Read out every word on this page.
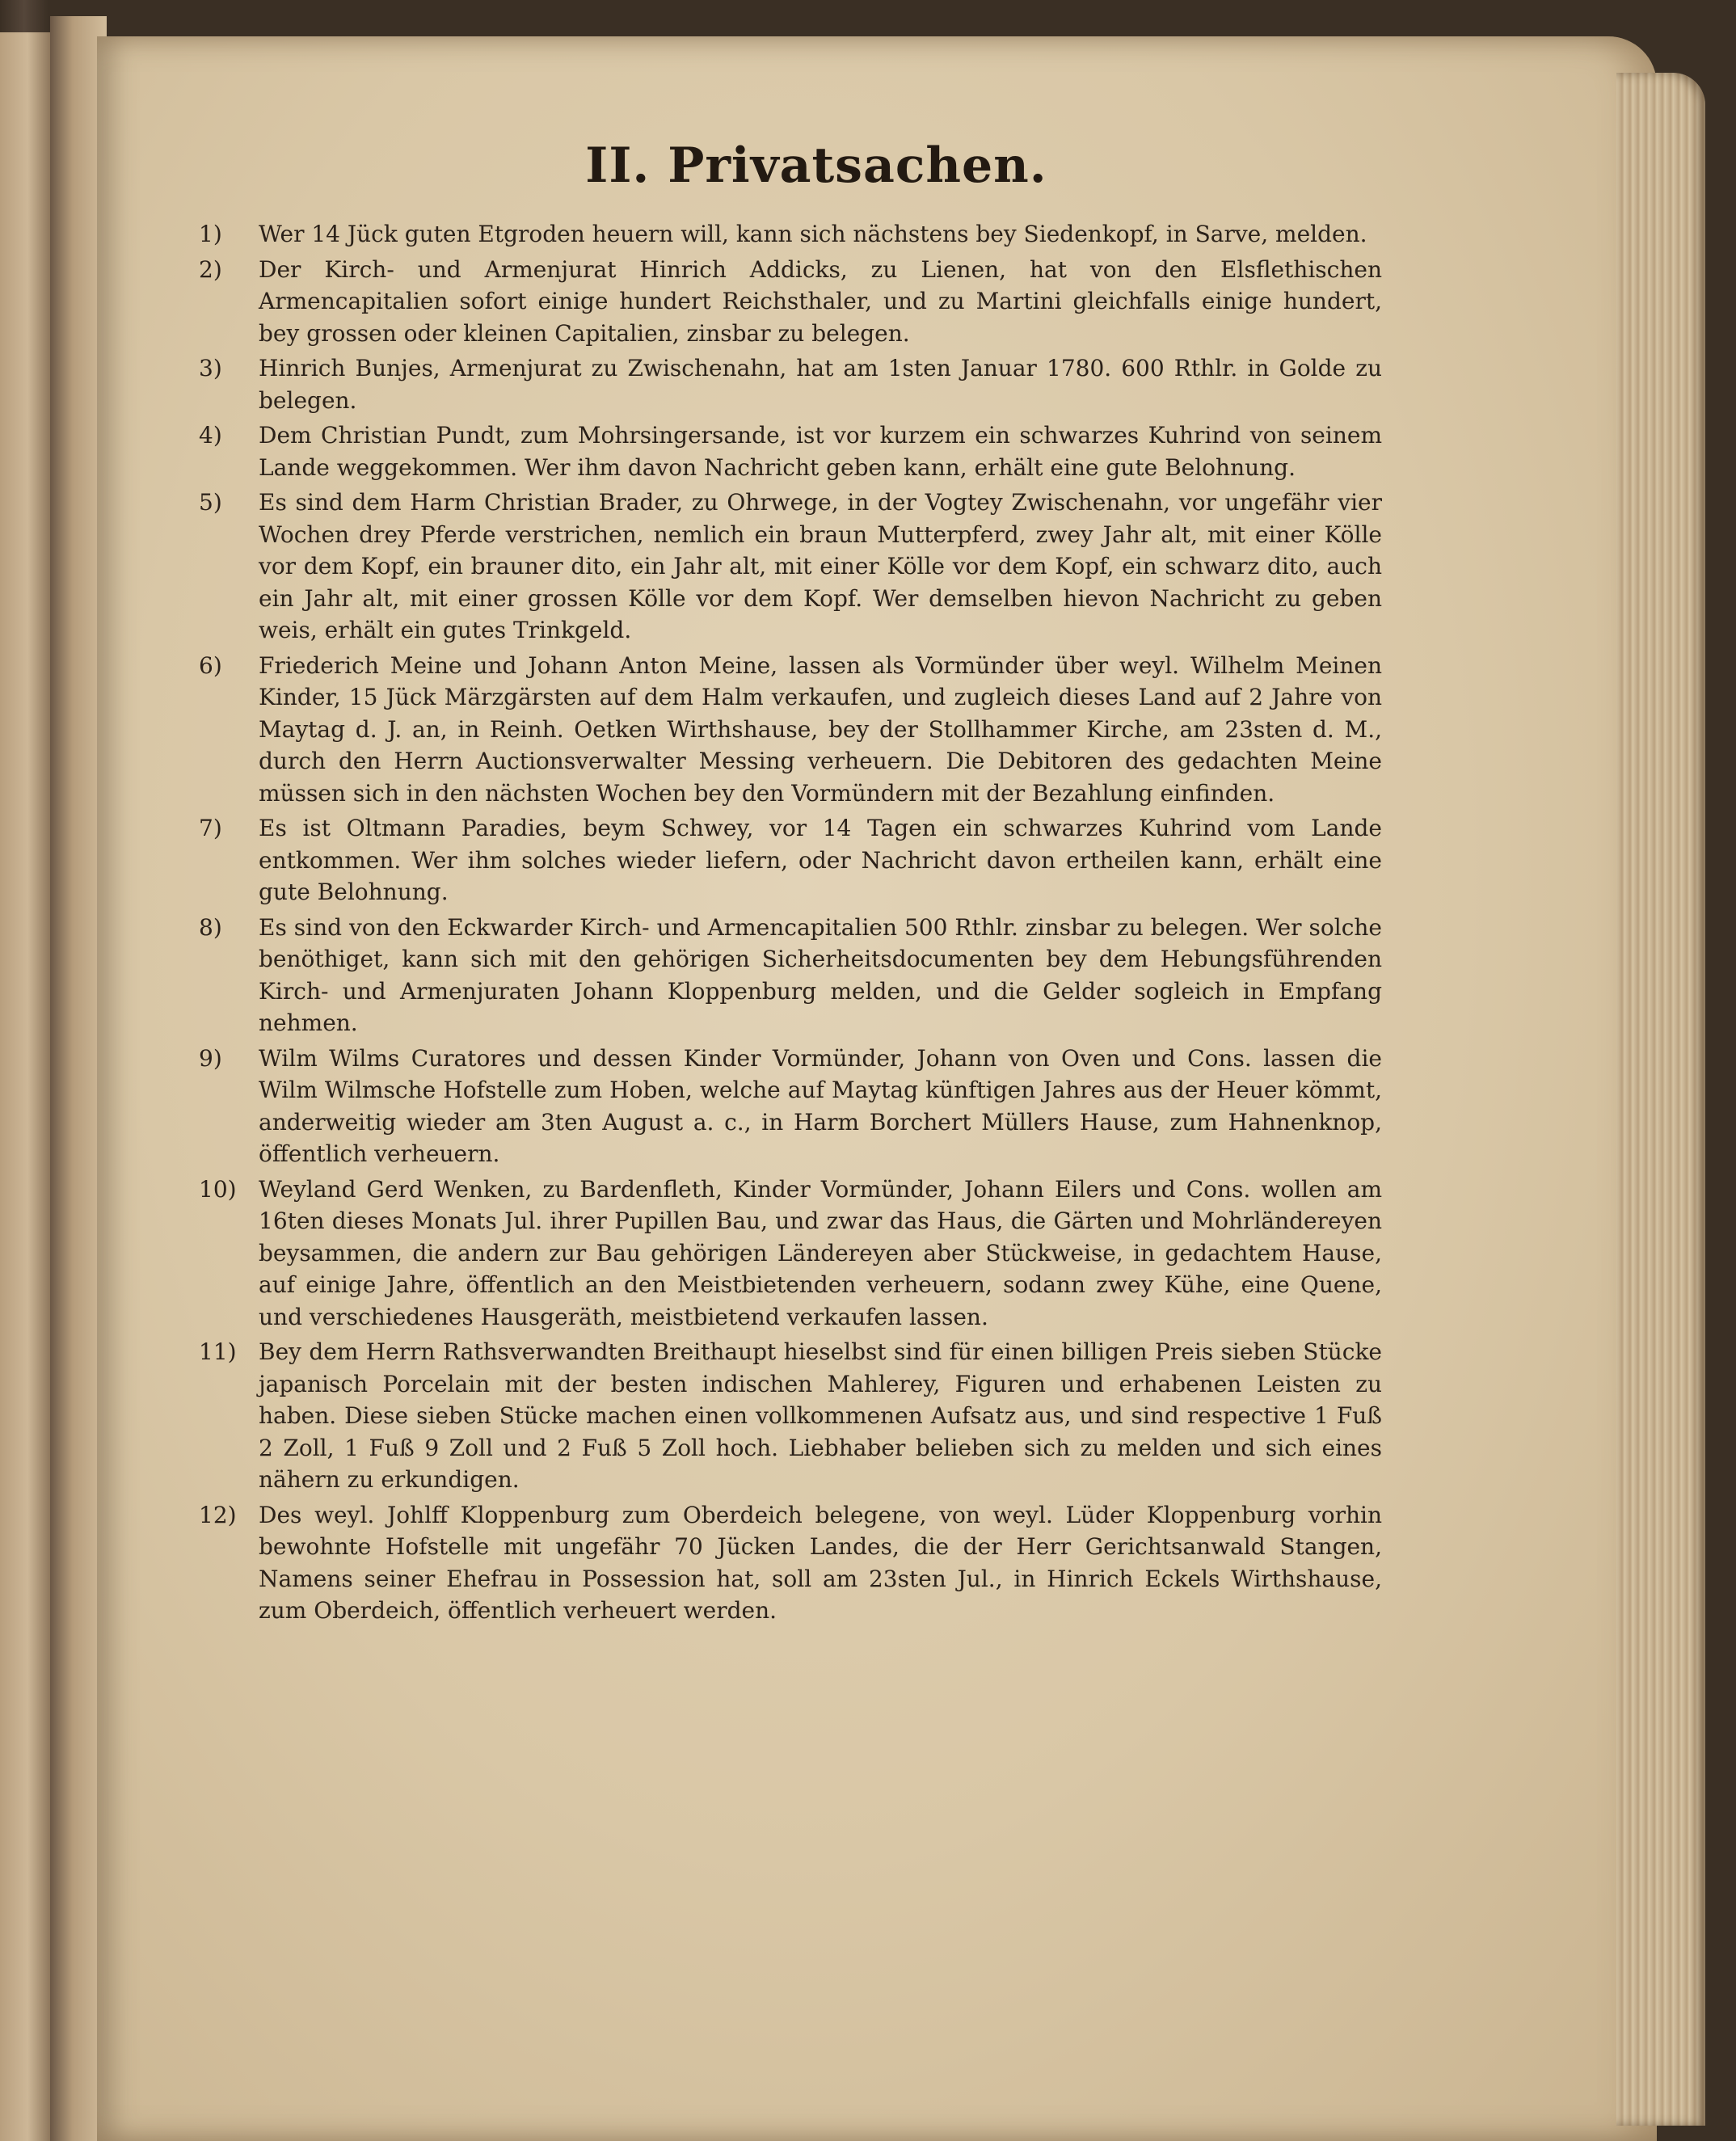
II. Privatsachen.
1)	Wer 14 Jück guten Etgroden heuern will, kann sich nächstens bey Siedenkopf, in Sarve, melden.
2)	Der Kirch- und Armenjurat Hinrich Addicks, zu Lienen, hat von den Elsflethischen Armencapitalien sofort einige hundert Reichsthaler, und zu Martini gleichfalls einige hundert, bey grossen oder kleinen Capitalien, zinsbar zu belegen.
3)	Hinrich Bunjes, Armenjurat zu Zwischenahn, hat am 1sten Januar 1780. 600 Rthlr. in Golde zu belegen.
4)	Dem Christian Pundt, zum Mohrsingersande, ist vor kurzem ein schwarzes Kuhrind von seinem Lande weggekommen. Wer ihm davon Nachricht geben kann, erhält eine gute Belohnung.
5)	Es sind dem Harm Christian Brader, zu Ohrwege, in der Vogtey Zwischenahn, vor ungefähr vier Wochen drey Pferde verstrichen, nemlich ein braun Mutterpferd, zwey Jahr alt, mit einer Kölle vor dem Kopf, ein brauner dito, ein Jahr alt, mit einer Kölle vor dem Kopf, ein schwarz dito, auch ein Jahr alt, mit einer grossen Kölle vor dem Kopf. Wer demselben hievon Nachricht zu geben weis, erhält ein gutes Trinkgeld.
6)	Friederich Meine und Johann Anton Meine, lassen als Vormünder über weyl. Wilhelm Meinen Kinder, 15 Jück Märzgärsten auf dem Halm verkaufen, und zugleich dieses Land auf 2 Jahre von Maytag d. J. an, in Reinh. Oetken Wirthshause, bey der Stollhammer Kirche, am 23sten d. M., durch den Herrn Auctionsverwalter Messing verheuern. Die Debitoren des gedachten Meine müssen sich in den nächsten Wochen bey den Vormündern mit der Bezahlung einfinden.
7)	Es ist Oltmann Paradies, beym Schwey, vor 14 Tagen ein schwarzes Kuhrind vom Lande entkommen. Wer ihm solches wieder liefern, oder Nachricht davon ertheilen kann, erhält eine gute Belohnung.
8)	Es sind von den Eckwarder Kirch- und Armencapitalien 500 Rthlr. zinsbar zu belegen. Wer solche benöthiget, kann sich mit den gehörigen Sicherheitsdocumenten bey dem Hebungsführenden Kirch- und Armenjuraten Johann Kloppenburg melden, und die Gelder sogleich in Empfang nehmen.
9)	Wilm Wilms Curatores und dessen Kinder Vormünder, Johann von Oven und Cons. lassen die Wilm Wilmsche Hofstelle zum Hoben, welche auf Maytag künftigen Jahres aus der Heuer kömmt, anderweitig wieder am 3ten August a. c., in Harm Borchert Müllers Hause, zum Hahnenknop, öffentlich verheuern.
10) Weyland Gerd Wenken, zu Bardenfleth, Kinder Vormünder, Johann Eilers und Cons. wollen am 16ten dieses Monats Jul. ihrer Pupillen Bau, und zwar das Haus, die Gärten und Mohrländereyen beysammen, die andern zur Bau gehörigen Ländereyen aber Stückweise, in gedachtem Hause, auf einige Jahre, öffentlich an den Meistbietenden verheuern, sodann zwey Kühe, eine Quene, und verschiedenes Hausgeräth, meistbietend verkaufen lassen.
11) Bey dem Herrn Rathsverwandten Breithaupt hieselbst sind für einen billigen Preis sieben Stücke japanisch Porcelain mit der besten indischen Mahlerey, Figuren und erhabenen Leisten zu haben. Diese sieben Stücke machen einen vollkommenen Aufsatz aus, und sind respective 1 Fuß 2 Zoll, 1 Fuß 9 Zoll und 2 Fuß 5 Zoll hoch. Liebhaber belieben sich zu melden und sich eines nähern zu erkundigen.
12) Des weyl. Johlff Kloppenburg zum Oberdeich belegene, von weyl. Lüder Kloppenburg vorhin bewohnte Hofstelle mit ungefähr 70 Jücken Landes, die der Herr Gerichtsanwald Stangen, Namens seiner Ehefrau in Possession hat, soll am 23sten Jul., in Hinrich Eckels Wirthshause, zum Oberdeich, öffentlich verheuert werden.
